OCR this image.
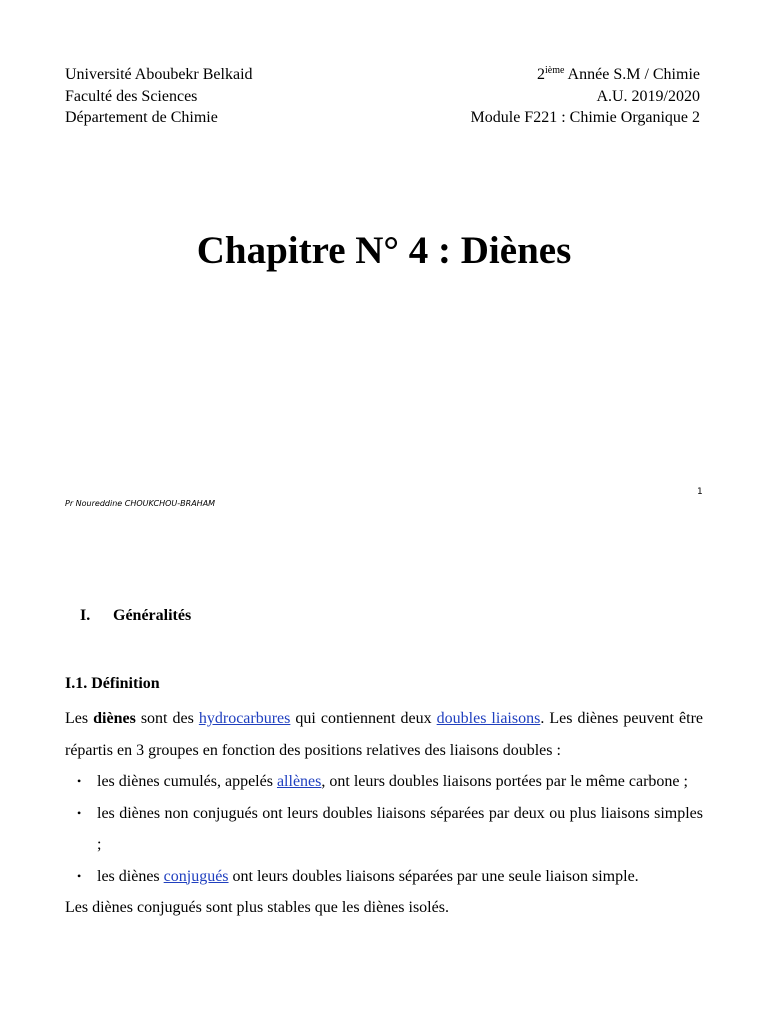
Université Aboubekr Belkaid
Faculté des Sciences
Département de Chimie
2ième Année S.M / Chimie
A.U. 2019/2020
Module F221 : Chimie Organique 2
Chapitre N° 4 : Diènes
Pr Noureddine CHOUKCHOU-BRAHAM
1
I. Généralités
I.1. Définition

Les diènes sont des hydrocarbures qui contiennent deux doubles liaisons. Les diènes peuvent être répartis en 3 groupes en fonction des positions relatives des liaisons doubles :

• les diènes cumulés, appelés allènes, ont leurs doubles liaisons portées par le même carbone ;
• les diènes non conjugués ont leurs doubles liaisons séparées par deux ou plus liaisons simples ;
• les diènes conjugués ont leurs doubles liaisons séparées par une seule liaison simple.

Les diènes conjugués sont plus stables que les diènes isolés.
